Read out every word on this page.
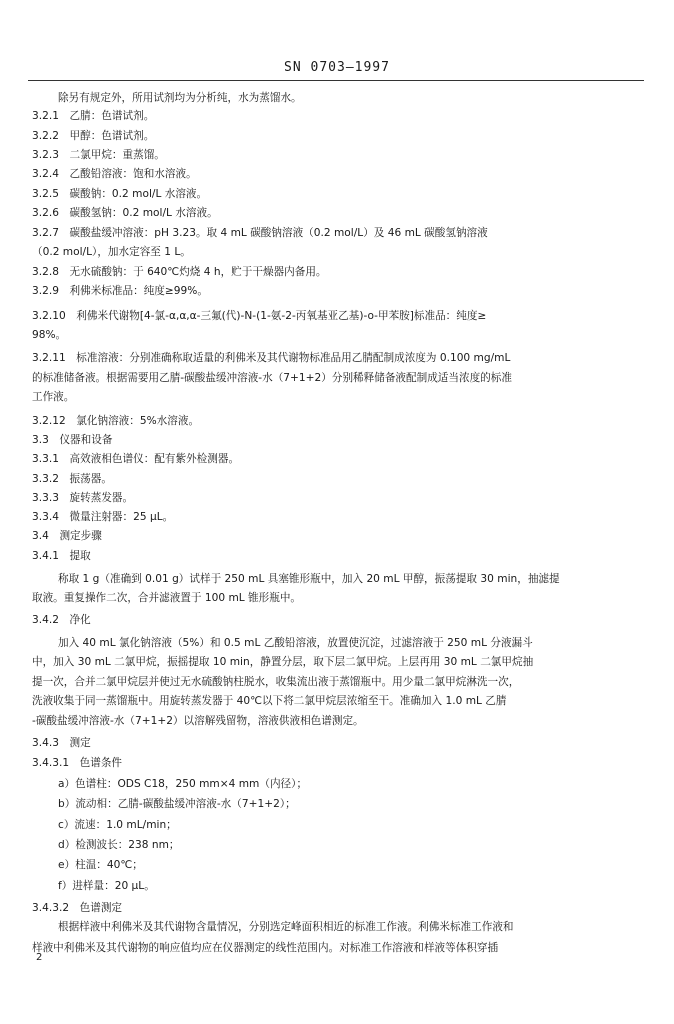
SN 0703—1997
除另有规定外，所用试剂均为分析纯，水为蒸馏水。
3.2.1　乙腈：色谱试剂。
3.2.2　甲醇：色谱试剂。
3.2.3　二氯甲烷：重蒸馏。
3.2.4　乙酸铅溶液：饱和水溶液。
3.2.5　碳酸钠：0.2 mol/L 水溶液。
3.2.6　碳酸氢钠：0.2 mol/L 水溶液。
3.2.7　碳酸盐缓冲溶液：pH 3.23。取 4 mL 碳酸钠溶液（0.2 mol/L）及 46 mL 碳酸氢钠溶液
（0.2 mol/L），加水定容至 1 L。
3.2.8　无水硫酸钠：于 640℃灼烧 4 h，贮于干燥器内备用。
3.2.9　利佛米标准品：纯度≥99%。
3.2.10　利佛米代谢物[4-氯-α,α,α-三氟(代)-N-(1-氨-2-丙氧基亚乙基)-o-甲苯胺]标准品：纯度≥
98%。
3.2.11　标准溶液：分别准确称取适量的利佛米及其代谢物标准品用乙腈配制成浓度为 0.100 mg/mL
的标准储备液。根据需要用乙腈-碳酸盐缓冲溶液-水（7+1+2）分别稀释储备液配制成适当浓度的标准
工作液。
3.2.12　氯化钠溶液：5%水溶液。
3.3　仪器和设备
3.3.1　高效液相色谱仪：配有紫外检测器。
3.3.2　振荡器。
3.3.3　旋转蒸发器。
3.3.4　微量注射器：25 μL。
3.4　测定步骤
3.4.1　提取
称取 1 g（准确到 0.01 g）试样于 250 mL 具塞锥形瓶中，加入 20 mL 甲醇，振荡提取 30 min，抽滤提
取液。重复操作二次，合并滤液置于 100 mL 锥形瓶中。
3.4.2　净化
加入 40 mL 氯化钠溶液（5%）和 0.5 mL 乙酸铅溶液，放置使沉淀，过滤溶液于 250 mL 分液漏斗
中，加入 30 mL 二氯甲烷，振摇提取 10 min，静置分层，取下层二氯甲烷。上层再用 30 mL 二氯甲烷抽
提一次，合并二氯甲烷层并使过无水硫酸钠柱脱水，收集流出液于蒸馏瓶中。用少量二氯甲烷淋洗一次，
洗液收集于同一蒸馏瓶中。用旋转蒸发器于 40℃以下将二氯甲烷层浓缩至干。准确加入 1.0 mL 乙腈
-碳酸盐缓冲溶液-水（7+1+2）以溶解残留物，溶液供液相色谱测定。
3.4.3　测定
3.4.3.1　色谱条件
a）色谱柱：ODS C18，250 mm×4 mm（内径）；
b）流动相：乙腈-碳酸盐缓冲溶液-水（7+1+2）；
c）流速：1.0 mL/min；
d）检测波长：238 nm；
e）柱温：40℃；
f）进样量：20 μL。
3.4.3.2　色谱测定
根据样液中利佛米及其代谢物含量情况，分别选定峰面积相近的标准工作液。利佛米标准工作液和
样液中利佛米及其代谢物的响应值均应在仪器测定的线性范围内。对标准工作溶液和样液等体积穿插
2
